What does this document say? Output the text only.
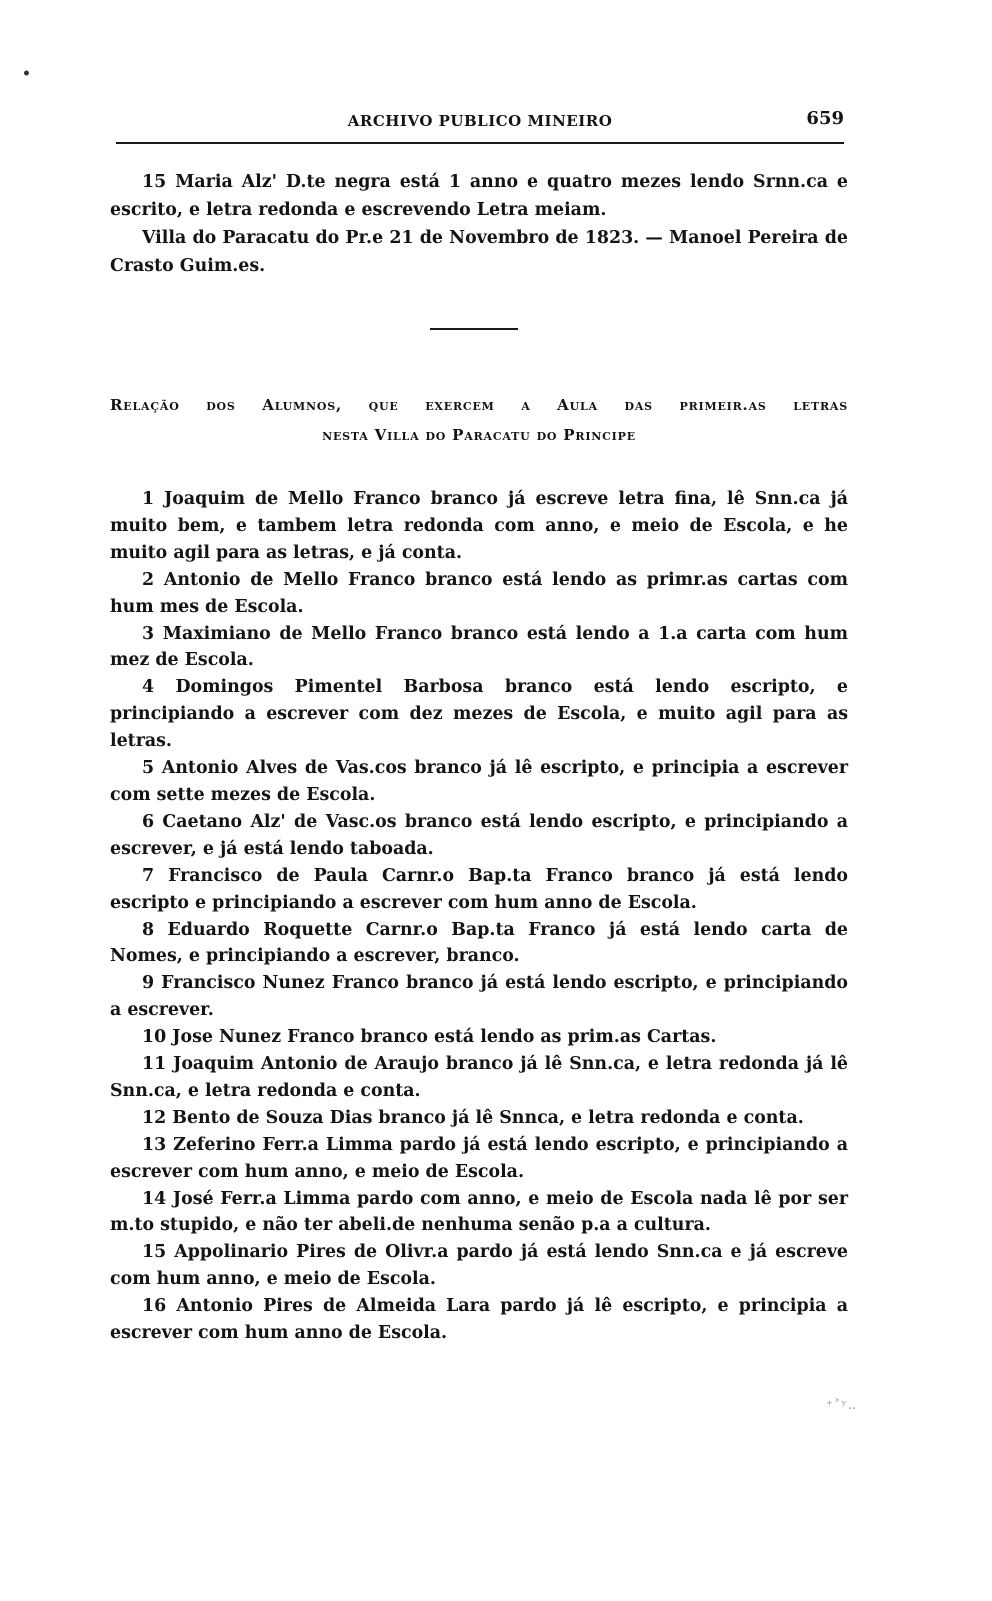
ARCHIVO PUBLICO MINEIRO	659

15 Maria Alz' D.te negra está 1 anno e quatro mezes lendo Srnn.ca e escrito, e letra redonda e escrevendo Letra meiam.

Villa do Paracatu do Pr.e 21 de Novembro de 1823. — Manoel Pereira de Crasto Guim.es.

Relação dos Alumnos, que exercem a Aula das primeir.as letras
nesta Villa do Paracatu do Principe

1 Joaquim de Mello Franco branco já escreve letra fina, lê Snn.ca já muito bem, e tambem letra redonda com anno, e meio de Escola, e he muito agil para as letras, e já conta.

2 Antonio de Mello Franco branco está lendo as primr.as cartas com hum mes de Escola.

3 Maximiano de Mello Franco branco está lendo a 1.a carta com hum mez de Escola.

4 Domingos Pimentel Barbosa branco está lendo escripto, e principiando a escrever com dez mezes de Escola, e muito agil para as letras.

5 Antonio Alves de Vas.cos branco já lê escripto, e principia a escrever com sette mezes de Escola.

6 Caetano Alz' de Vasc.os branco está lendo escripto, e principiando a escrever, e já está lendo taboada.

7 Francisco de Paula Carnr.o Bap.ta Franco branco já está lendo escripto e principiando a escrever com hum anno de Escola.

8 Eduardo Roquette Carnr.o Bap.ta Franco já está lendo carta de Nomes, e principiando a escrever, branco.

9 Francisco Nunez Franco branco já está lendo escripto, e principiando a escrever.

10 Jose Nunez Franco branco está lendo as prim.as Cartas.

11 Joaquim Antonio de Araujo branco já lê Snn.ca, e letra redonda já lê Snn.ca, e letra redonda e conta.

12 Bento de Souza Dias branco já lê Snnca, e letra redonda e conta.

13 Zeferino Ferr.a Limma pardo já está lendo escripto, e principiando a escrever com hum anno, e meio de Escola.

14 José Ferr.a Limma pardo com anno, e meio de Escola nada lê por ser m.to stupido, e não ter abeli.de nenhuma senão p.a a cultura.

15 Appolinario Pires de Olivr.a pardo já está lendo Snn.ca e já escreve com hum anno, e meio de Escola.

16 Antonio Pires de Almeida Lara pardo já lê escripto, e principia a escrever com hum anno de Escola.

•
⁺˃ʸ‥
